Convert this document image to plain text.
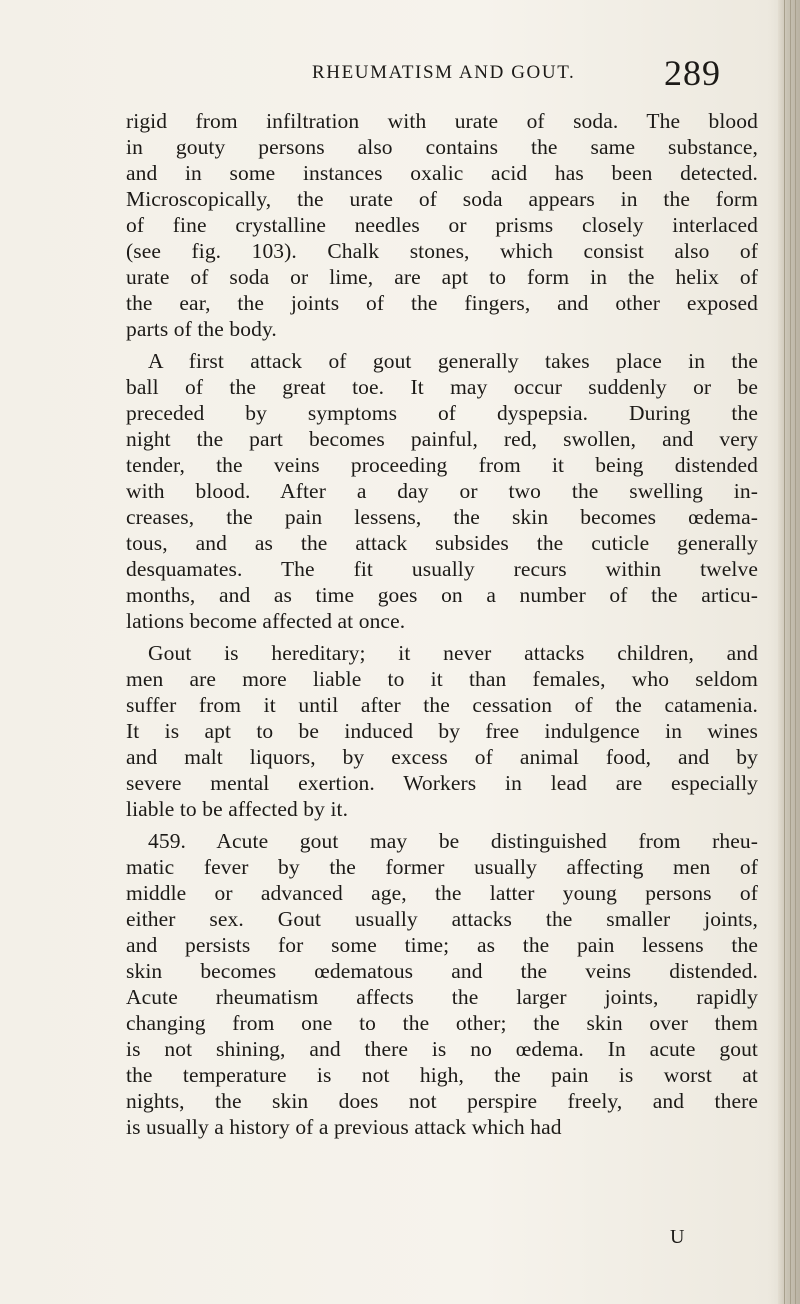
RHEUMATISM AND GOUT. 289
rigid from infiltration with urate of soda. The blood
in gouty persons also contains the same substance,
and in some instances oxalic acid has been detected.
Microscopically, the urate of soda appears in the form
of fine crystalline needles or prisms closely interlaced
(see fig. 103). Chalk stones, which consist also of
urate of soda or lime, are apt to form in the helix of
the ear, the joints of the fingers, and other exposed
parts of the body.
A first attack of gout generally takes place in the
ball of the great toe. It may occur suddenly or be
preceded by symptoms of dyspepsia. During the
night the part becomes painful, red, swollen, and very
tender, the veins proceeding from it being distended
with blood. After a day or two the swelling in-
creases, the pain lessens, the skin becomes œdema-
tous, and as the attack subsides the cuticle generally
desquamates. The fit usually recurs within twelve
months, and as time goes on a number of the articu-
lations become affected at once.
Gout is hereditary; it never attacks children, and
men are more liable to it than females, who seldom
suffer from it until after the cessation of the catamenia.
It is apt to be induced by free indulgence in wines
and malt liquors, by excess of animal food, and by
severe mental exertion. Workers in lead are especially
liable to be affected by it.
459. Acute gout may be distinguished from rheu-
matic fever by the former usually affecting men of
middle or advanced age, the latter young persons of
either sex. Gout usually attacks the smaller joints,
and persists for some time; as the pain lessens the
skin becomes œdematous and the veins distended.
Acute rheumatism affects the larger joints, rapidly
changing from one to the other; the skin over them
is not shining, and there is no œdema. In acute gout
the temperature is not high, the pain is worst at
nights, the skin does not perspire freely, and there
is usually a history of a previous attack which had
U
